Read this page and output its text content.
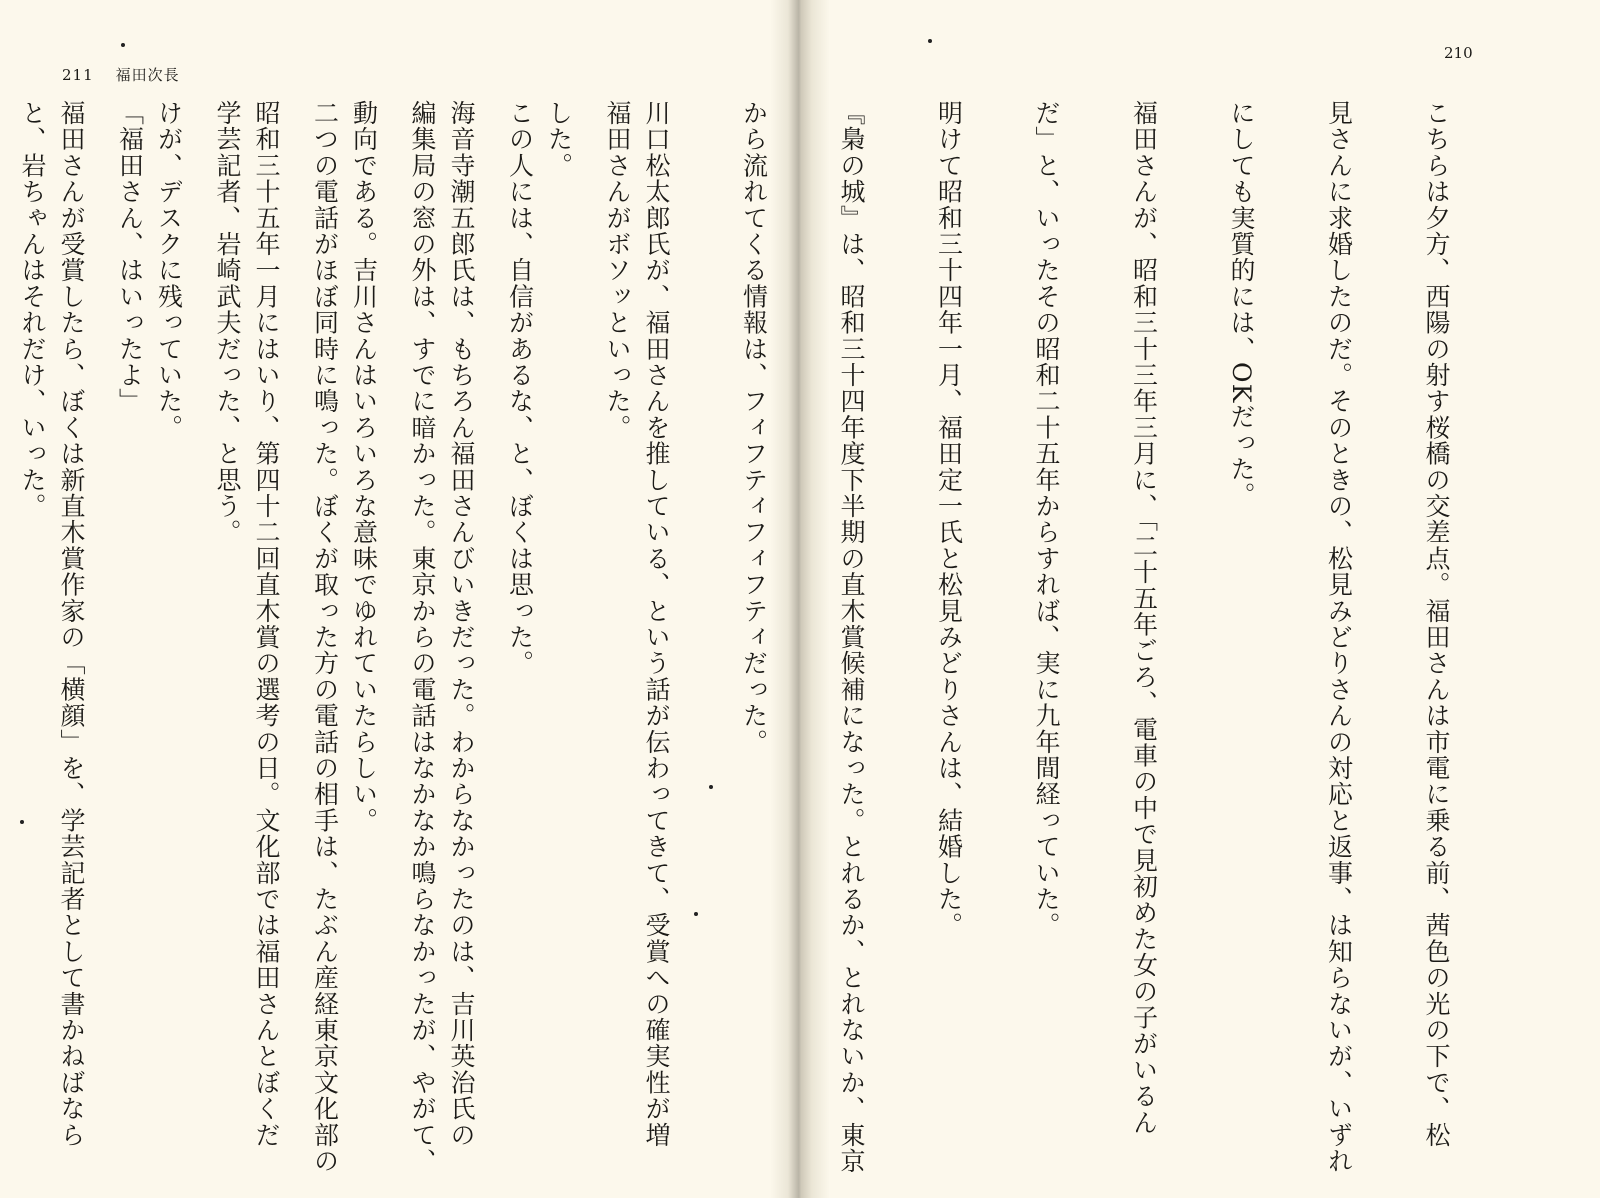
211 福田次長
210

こちらは夕方、西陽の射す桜橋の交差点。福田さんは市電に乗る前、茜色の光の下で、松

見さんに求婚したのだ。そのときの、松見みどりさんの対応と返事、は知らないが、いずれ

にしても実質的には、OKだった。

福田さんが、昭和三十三年三月に、「二十五年ごろ、電車の中で見初めた女の子がいるん

だ」と、いったその昭和二十五年からすれば、実に九年間経っていた。

明けて昭和三十四年一月、福田定一氏と松見みどりさんは、結婚した。

『梟の城』は、昭和三十四年度下半期の直木賞候補になった。とれるか、とれないか、東京

から流れてくる情報は、フィフティフィフティだった。

川口松太郎氏が、福田さんを推している、という話が伝わってきて、受賞への確実性が増

した。

海音寺潮五郎氏は、もちろん福田さんびいきだった。わからなかったのは、吉川英治氏の

動向である。吉川さんはいろいろな意味でゆれていたらしい。

昭和三十五年一月にはいり、第四十二回直木賞の選考の日。文化部では福田さんとぼくだ

けが、デスクに残っていた。

福田さんが受賞したら、ぼくは新直木賞作家の「横顔」を、学芸記者として書かねばなら

	福田さんがボソッといった。

この人には、自信があるな、と、ぼくは思った。

編集局の窓の外は、すでに暗かった。東京からの電話はなかなか鳴らなかったが、やがて、

二つの電話がほぼ同時に鳴った。ぼくが取った方の電話の相手は、たぶん産経東京文化部の

学芸記者、岩崎武夫だった、と思う。

「福田さん、はいったよ」

と、岩ちゃんはそれだけ、いった。
